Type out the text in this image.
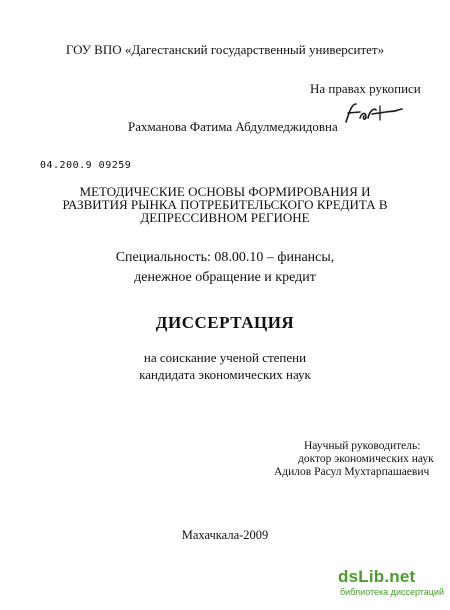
ГОУ ВПО «Дагестанский государственный университет»
На правах рукописи
Рахманова Фатима Абдулмеджидовна
04.200.9 09259
МЕТОДИЧЕСКИЕ ОСНОВЫ ФОРМИРОВАНИЯ И
РАЗВИТИЯ РЫНКА ПОТРЕБИТЕЛЬСКОГО КРЕДИТА В
ДЕПРЕССИВНОМ РЕГИОНЕ
Специальность: 08.00.10 – финансы,
денежное обращение и кредит
ДИССЕРТАЦИЯ
на соискание ученой степени
кандидата экономических наук
Научный руководитель:
доктор экономических наук
Адилов Расул Мухтарпашаевич
Махачкала-2009
dsLib.net
библиотека диссертаций
